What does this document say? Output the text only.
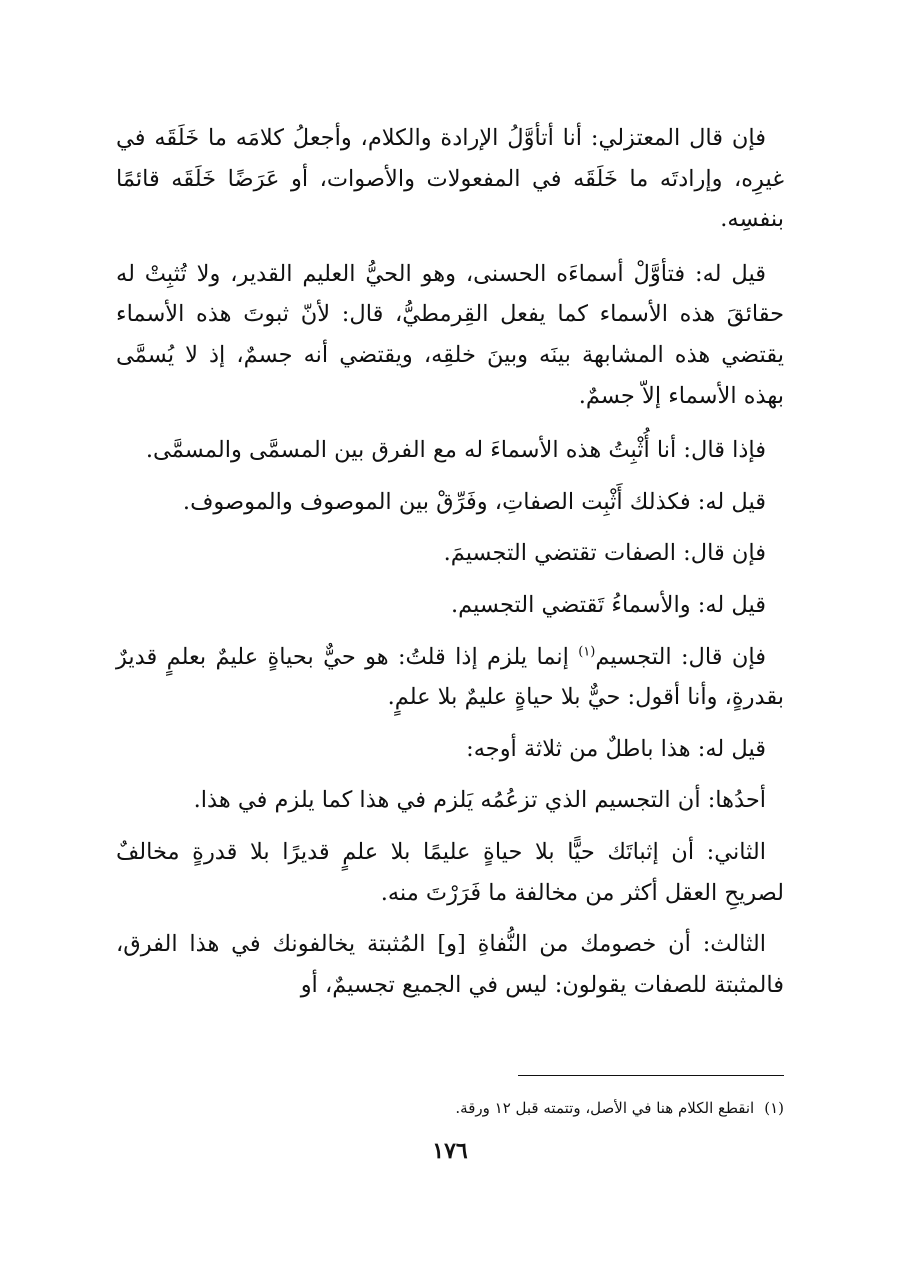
فإن قال المعتزلي: أنا أتأوَّلُ الإرادة والكلام، وأجعلُ كلامَه ما خَلَقَه في غيرِه، وإرادتَه ما خَلَقَه في المفعولات والأصوات، أو عَرَضًا خَلَقَه قائمًا بنفسِه.

قيل له: فتأوَّلْ أسماءَه الحسنى، وهو الحيُّ العليم القدير، ولا تُثبِتْ له حقائقَ هذه الأسماء كما يفعل القِرمطيُّ، قال: لأنّ ثبوتَ هذه الأسماء يقتضي هذه المشابهة بينَه وبينَ خلقِه، ويقتضي أنه جسمٌ، إذ لا يُسمَّى بهذه الأسماء إلاّ جسمٌ.

فإذا قال: أنا أُثْبِتُ هذه الأسماءَ له مع الفرق بين المسمَّى والمسمَّى.

قيل له: فكذلك أَثْبِت الصفاتِ، وفَرِّقْ بين الموصوف والموصوف.

فإن قال: الصفات تقتضي التجسيمَ.

قيل له: والأسماءُ تَقتضي التجسيم.

فإن قال: التجسيم$^{(١)}$ إنما يلزم إذا قلتُ: هو حيٌّ بحياةٍ عليمٌ بعلمٍ قديرٌ بقدرةٍ، وأنا أقول: حيٌّ بلا حياةٍ عليمٌ بلا علمٍ.

قيل له: هذا باطلٌ من ثلاثة أوجه:

أحدُها: أن التجسيم الذي تزعُمُه يَلزم في هذا كما يلزم في هذا.

الثاني: أن إثباتَك حيًّا بلا حياةٍ عليمًا بلا علمٍ قديرًا بلا قدرةٍ مخالفٌ لصريحِ العقل أكثر من مخالفة ما فَرَرْتَ منه.

الثالث: أن خصومك من النُّفاةِ [و] المُثبتة يخالفونك في هذا الفرق، فالمثبتة للصفات يقولون: ليس في الجميع تجسيمٌ، أو

(١)انقطع الكلام هنا في الأصل، وتتمته قبل ١٢ ورقة.
١٧٦
